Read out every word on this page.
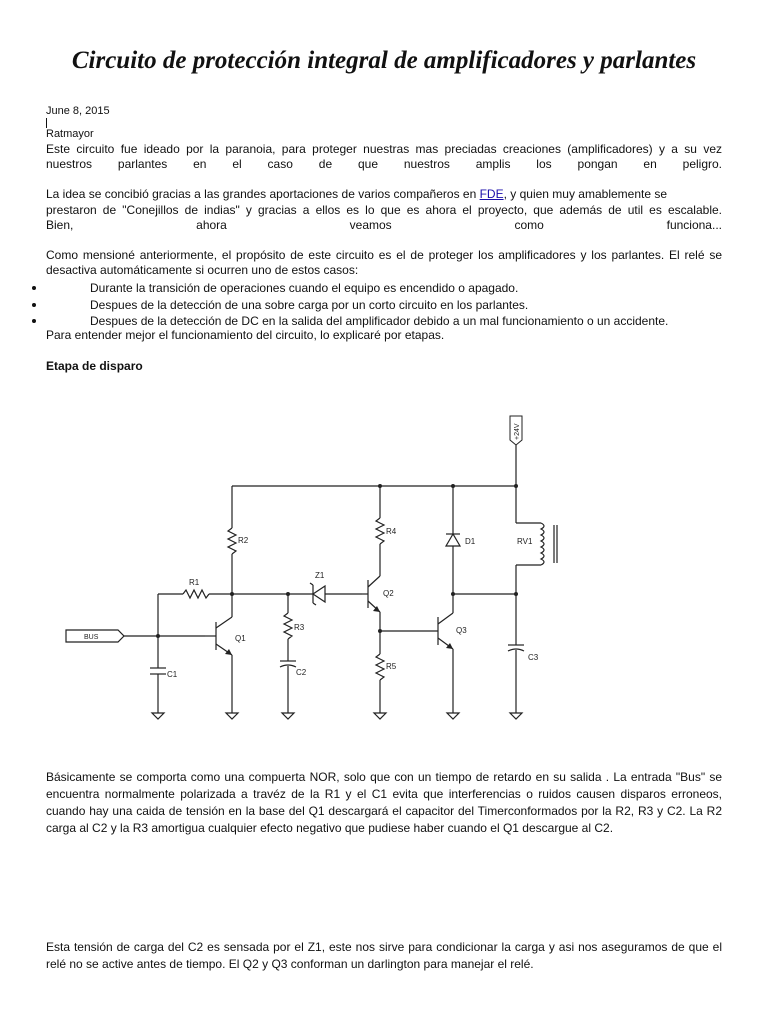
Circuito de protección integral de amplificadores y parlantes
June 8, 2015
Ratmayor
Este circuito fue ideado por la paranoia, para proteger nuestras mas preciadas creaciones (amplificadores) y a su vez
nuestros parlantes en el caso de que nuestros amplis los pongan en peligro.
La idea se concibió gracias a las grandes aportaciones de varios compañeros en FDE, y quien muy amablemente se
prestaron de "Conejillos de indias" y gracias a ellos es lo que es ahora el proyecto, que además de util es escalable.
Bien, ahora veamos como funciona...
Como mensioné anteriormente, el propósito de este circuito es el de proteger los amplificadores y los parlantes. El relé se
desactiva automáticamente si ocurren uno de estos casos:
Durante la transición de operaciones cuando el equipo es encendido o apagado.
Despues de la detección de una sobre carga por un corto circuito en los parlantes.
Despues de la detección de DC en la salida del amplificador debido a un mal funcionamiento o un accidente.
Para entender mejor el funcionamiento del circuito, lo explicaré por etapas.
Etapa de disparo
+24V
BUS
R2
R1
R3
R4
R5
C1	C2
C3
Z1
D1	RV1
Q1
Q2
Q3
Básicamente se comporta como una compuerta NOR, solo que con un tiempo de retardo en su salida . La entrada "Bus" se encuentra normalmente polarizada a travéz de la R1 y el C1 evita que interferencias o ruidos causen disparos erroneos, cuando hay una caida de tensión en la base del Q1 descargará el capacitor del Timerconformados por la R2, R3 y C2. La R2 carga al C2 y la R3 amortigua cualquier efecto negativo que pudiese haber cuando el Q1 descargue al C2.
Esta tensión de carga del C2 es sensada por el Z1, este nos sirve para condicionar la carga y asi nos aseguramos de que el relé no se active antes de tiempo. El Q2 y Q3 conforman un darlington para manejar el relé.
